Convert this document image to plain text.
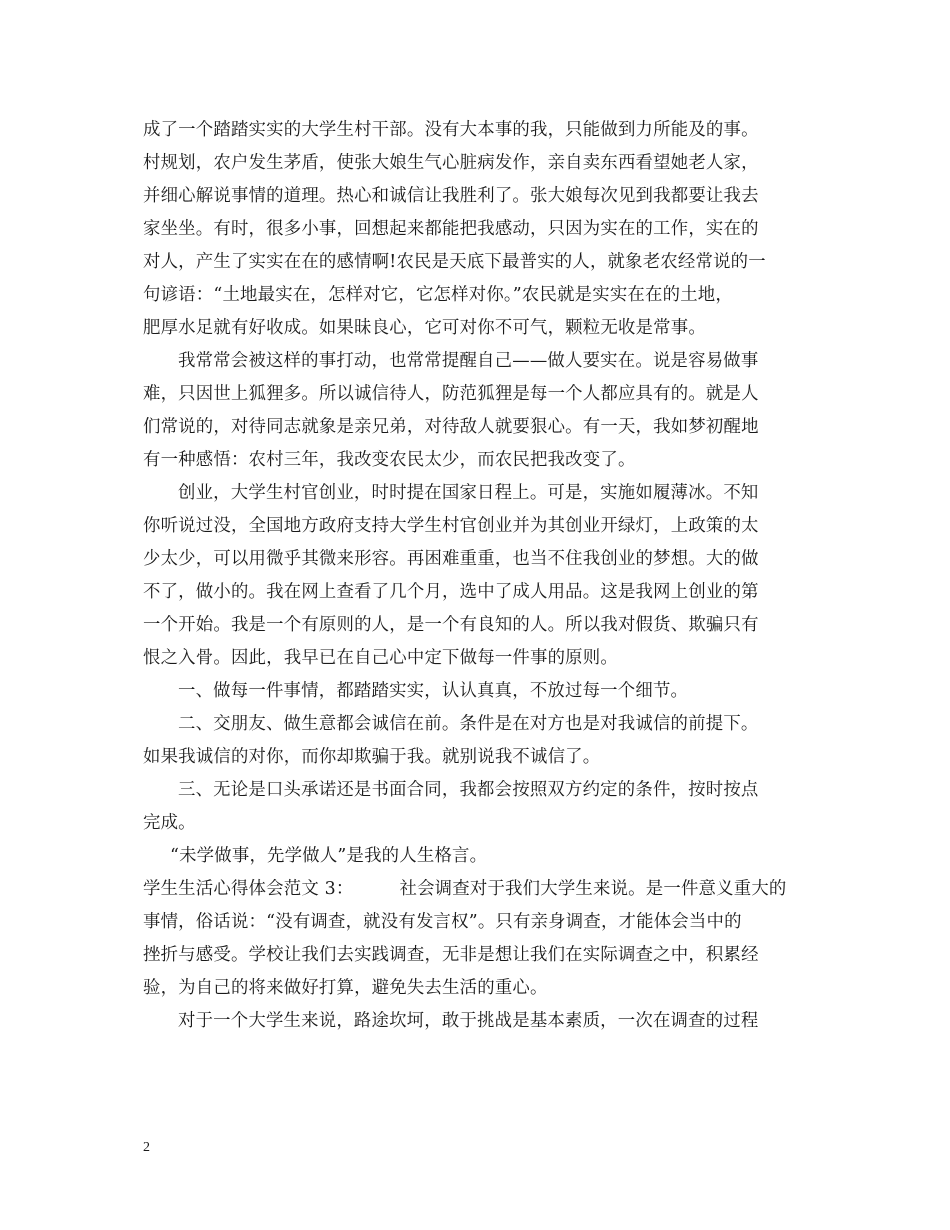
成了一个踏踏实实的大学生村干部。没有大本事的我，只能做到力所能及的事。
村规划，农户发生茅盾，使张大娘生气心脏病发作，亲自卖东西看望她老人家，
并细心解说事情的道理。热心和诚信让我胜利了。张大娘每次见到我都要让我去
家坐坐。有时，很多小事，回想起来都能把我感动，只因为实在的工作，实在的
对人，产生了实实在在的感情啊!农民是天底下最普实的人，就象老农经常说的一
句谚语：“土地最实在，怎样对它，它怎样对你。”农民就是实实在在的土地，
肥厚水足就有好收成。如果昧良心，它可对你不可气，颗粒无收是常事。
我常常会被这样的事打动，也常常提醒自己——做人要实在。说是容易做事
难，只因世上狐狸多。所以诚信待人，防范狐狸是每一个人都应具有的。就是人
们常说的，对待同志就象是亲兄弟，对待敌人就要狠心。有一天，我如梦初醒地
有一种感悟：农村三年，我改变农民太少，而农民把我改变了。
创业，大学生村官创业，时时提在国家日程上。可是，实施如履薄冰。不知
你听说过没，全国地方政府支持大学生村官创业并为其创业开绿灯，上政策的太
少太少，可以用微乎其微来形容。再困难重重，也当不住我创业的梦想。大的做
不了，做小的。我在网上查看了几个月，选中了成人用品。这是我网上创业的第
一个开始。我是一个有原则的人，是一个有良知的人。所以我对假货、欺骗只有
恨之入骨。因此，我早已在自己心中定下做每一件事的原则。
一、做每一件事情，都踏踏实实，认认真真，不放过每一个细节。
二、交朋友、做生意都会诚信在前。条件是在对方也是对我诚信的前提下。
如果我诚信的对你，而你却欺骗于我。就别说我不诚信了。
三、无论是口头承诺还是书面合同，我都会按照双方约定的条件，按时按点
完成。
“未学做事，先学做人”是我的人生格言。
学生生活心得体会范文 3：	社会调查对于我们大学生来说。是一件意义重大的
事情，俗话说：“没有调查，就没有发言权”。只有亲身调查，才能体会当中的
挫折与感受。学校让我们去实践调查，无非是想让我们在实际调查之中，积累经
验，为自己的将来做好打算，避免失去生活的重心。
对于一个大学生来说，路途坎坷，敢于挑战是基本素质，一次在调查的过程
2
